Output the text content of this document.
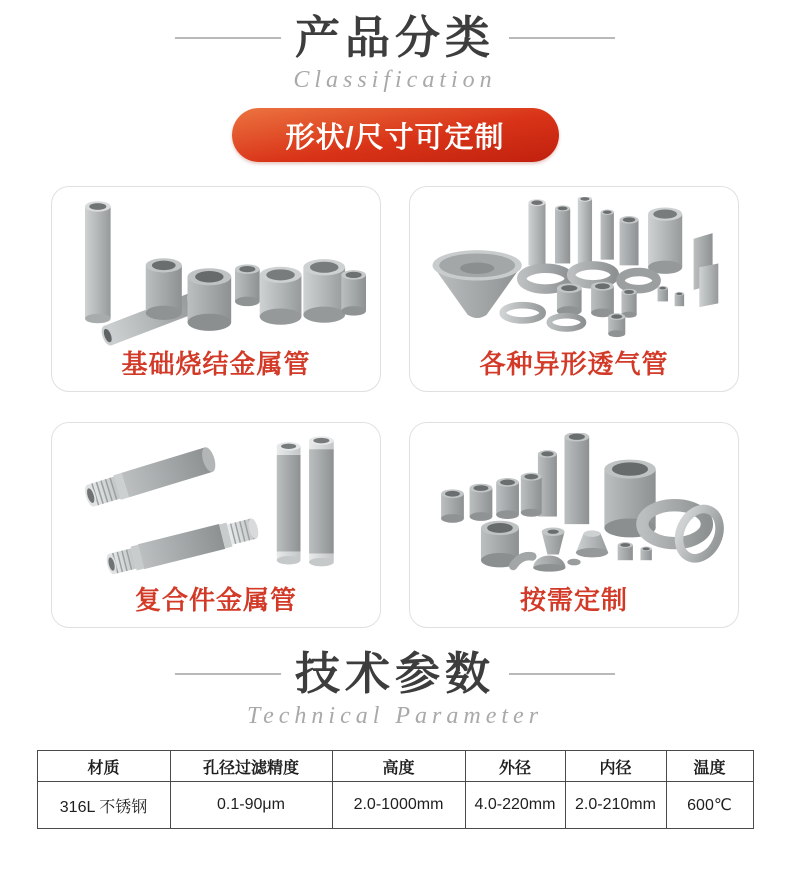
产品分类
Classification
形状/尺寸可定制
基础烧结金属管	各种异形透气管
复合件金属管	按需定制
技术参数
Technical Parameter
材质	孔径过滤精度	高度	外径	内径	温度
316L 不锈钢	0.1-90μm	2.0-1000mm	4.0-220mm	2.0-210mm	600℃
